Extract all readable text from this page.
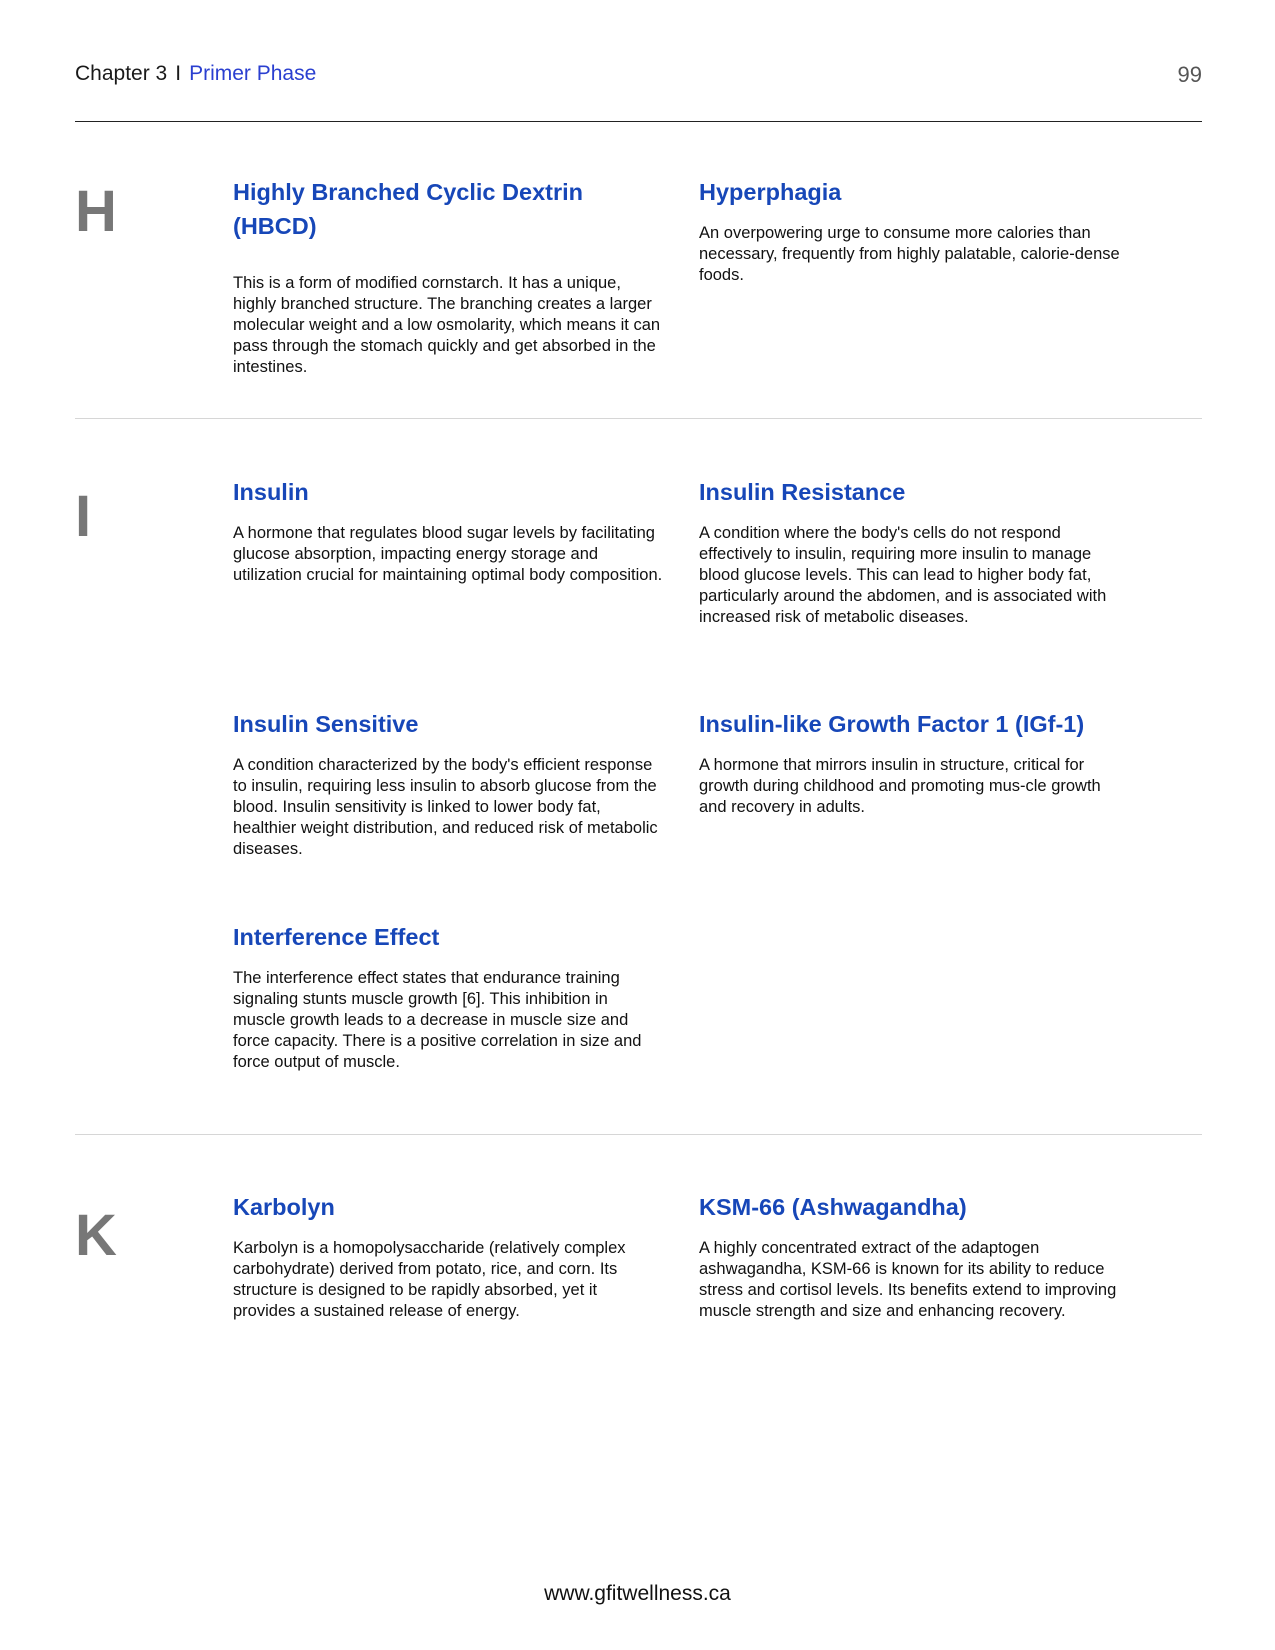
Chapter 3 I Primer Phase	99
H	Highly Branched Cyclic Dextrin (HBCD)
This is a form of modified cornstarch. It has a unique, highly branched structure. The branching creates a larger molecular weight and a low osmolarity, which means it can pass through the stomach quickly and get absorbed in the intestines.
Hyperphagia
An overpowering urge to consume more calories than necessary, frequently from highly palatable, calorie-dense foods.
I	Insulin
A hormone that regulates blood sugar levels by facilitating glucose absorption, impacting energy storage and utilization crucial for maintaining optimal body composition.
Insulin Resistance
A condition where the body's cells do not respond effectively to insulin, requiring more insulin to manage blood glucose levels. This can lead to higher body fat, particularly around the abdomen, and is associated with increased risk of metabolic diseases.
Insulin Sensitive
A condition characterized by the body's efficient response to insulin, requiring less insulin to absorb glucose from the blood. Insulin sensitivity is linked to lower body fat, healthier weight distribution, and reduced risk of metabolic diseases.
Insulin-like Growth Factor 1 (IGf-1)
A hormone that mirrors insulin in structure, critical for growth during childhood and promoting mus-cle growth and recovery in adults.
Interference Effect
The interference effect states that endurance training signaling stunts muscle growth [6]. This inhibition in muscle growth leads to a decrease in muscle size and force capacity. There is a positive correlation in size and force output of muscle.
K	Karbolyn
Karbolyn is a homopolysaccharide (relatively complex carbohydrate) derived from potato, rice, and corn. Its structure is designed to be rapidly absorbed, yet it provides a sustained release of energy.
KSM-66 (Ashwagandha)
A highly concentrated extract of the adaptogen ashwagandha, KSM-66 is known for its ability to reduce stress and cortisol levels. Its benefits extend to improving muscle strength and size and enhancing recovery.
www.gfitwellness.ca
